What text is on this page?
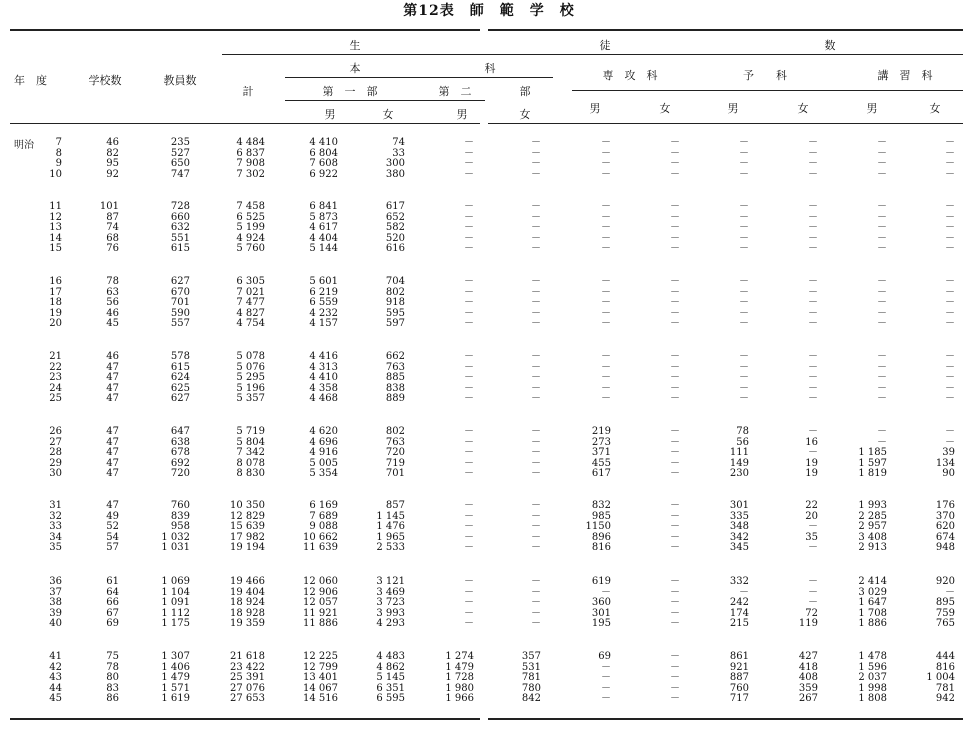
第12表　師　範　学　校
年　度	学校数	教員数
生	徒	数
計
本	科
第　一　部	第　二	部
専　攻　科	予　　科	講　習　科
男	女	男	女	男	女	男	女	男	女
明治	7	46	235	4 484	4 410	74	－	－	－	－	－	－	－	－
8	82	527	6 837	6 804	33	－	－	－	－	－	－	－	－
9	95	650	7 908	7 608	300	－	－	－	－	－	－	－	－
10	92	747	7 302	6 922	380	－	－	－	－	－	－	－	－
11	101	728	7 458	6 841	617	－	－	－	－	－	－	－	－
12	87	660	6 525	5 873	652	－	－	－	－	－	－	－	－
13	74	632	5 199	4 617	582	－	－	－	－	－	－	－	－
14	68	551	4 924	4 404	520	－	－	－	－	－	－	－	－
15	76	615	5 760	5 144	616	－	－	－	－	－	－	－	－
16	78	627	6 305	5 601	704	－	－	－	－	－	－	－	－
17	63	670	7 021	6 219	802	－	－	－	－	－	－	－	－
18	56	701	7 477	6 559	918	－	－	－	－	－	－	－	－
19	46	590	4 827	4 232	595	－	－	－	－	－	－	－	－
20	45	557	4 754	4 157	597	－	－	－	－	－	－	－	－
21	46	578	5 078	4 416	662	－	－	－	－	－	－	－	－
22	47	615	5 076	4 313	763	－	－	－	－	－	－	－	－
23	47	624	5 295	4 410	885	－	－	－	－	－	－	－	－
24	47	625	5 196	4 358	838	－	－	－	－	－	－	－	－
25	47	627	5 357	4 468	889	－	－	－	－	－	－	－	－
26	47	647	5 719	4 620	802	－	－	219	－	78	－	－	－
27	47	638	5 804	4 696	763	－	－	273	－	56	16	－	－
28	47	678	7 342	4 916	720	－	－	371	－	111	－	1 185	39
29	47	692	8 078	5 005	719	－	－	455	－	149	19	1 597	134
30	47	720	8 830	5 354	701	－	－	617	－	230	19	1 819	90
31	47	760	10 350	6 169	857	－	－	832	－	301	22	1 993	176
32	49	839	12 829	7 689	1 145	－	－	985	－	335	20	2 285	370
33	52	958	15 639	9 088	1 476	－	－	1150	－	348	－	2 957	620
34	54	1 032	17 982	10 662	1 965	－	－	896	－	342	35	3 408	674
35	57	1 031	19 194	11 639	2 533	－	－	816	－	345	－	2 913	948
36	61	1 069	19 466	12 060	3 121	－	－	619	－	332	－	2 414	920
37	64	1 104	19 404	12 906	3 469	－	－	－	－	－	－	3 029	－
38	66	1 091	18 924	12 057	3 723	－	－	360	－	242	－	1 647	895
39	67	1 112	18 928	11 921	3 993	－	－	301	－	174	72	1 708	759
40	69	1 175	19 359	11 886	4 293	－	－	195	－	215	119	1 886	765
41	75	1 307	21 618	12 225	4 483	1 274	357	69	－	861	427	1 478	444
42	78	1 406	23 422	12 799	4 862	1 479	531	－	－	921	418	1 596	816
43	80	1 479	25 391	13 401	5 145	1 728	781	－	－	887	408	2 037	1 004
44	83	1 571	27 076	14 067	6 351	1 980	780	－	－	760	359	1 998	781
45	86	1 619	27 653	14 516	6 595	1 966	842	－	－	717	267	1 808	942
